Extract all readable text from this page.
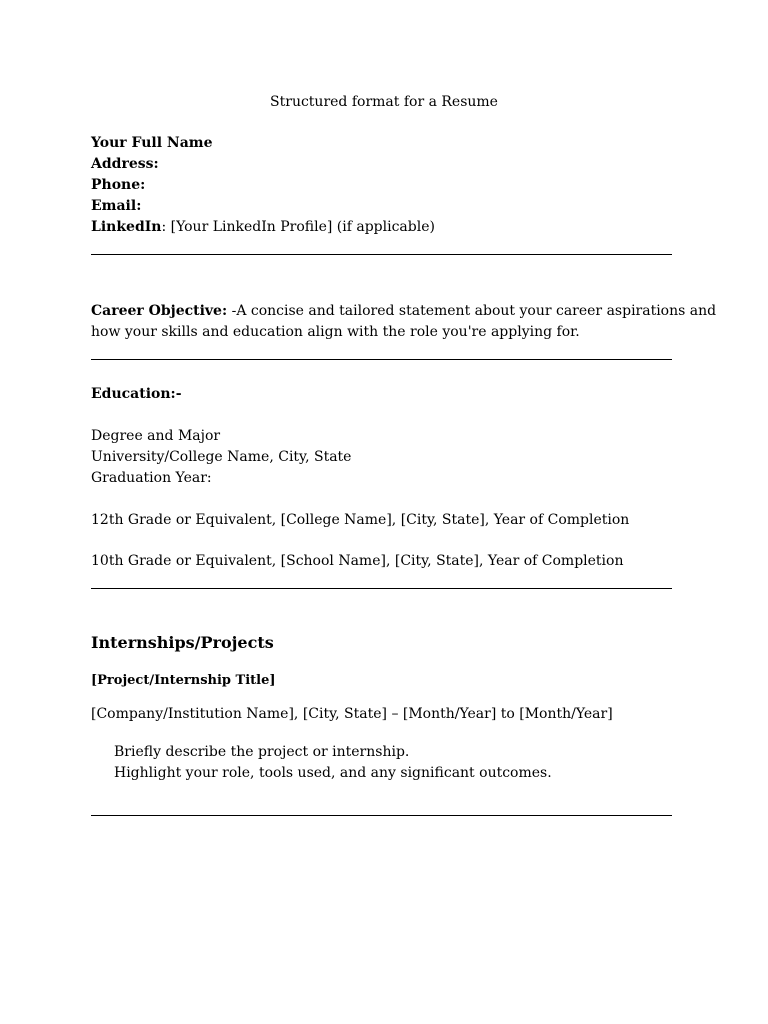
Structured format for a Resume
Your Full Name
Address:
Phone:
Email:
LinkedIn: [Your LinkedIn Profile] (if applicable)
Career Objective: -A concise and tailored statement about your career aspirations and
how your skills and education align with the role you're applying for.
Education:-
Degree and Major
University/College Name, City, State
Graduation Year:
12th Grade or Equivalent, [College Name], [City, State], Year of Completion
10th Grade or Equivalent, [School Name], [City, State], Year of Completion
Internships/Projects
[Project/Internship Title]
[Company/Institution Name], [City, State] – [Month/Year] to [Month/Year]
Briefly describe the project or internship.
Highlight your role, tools used, and any significant outcomes.
